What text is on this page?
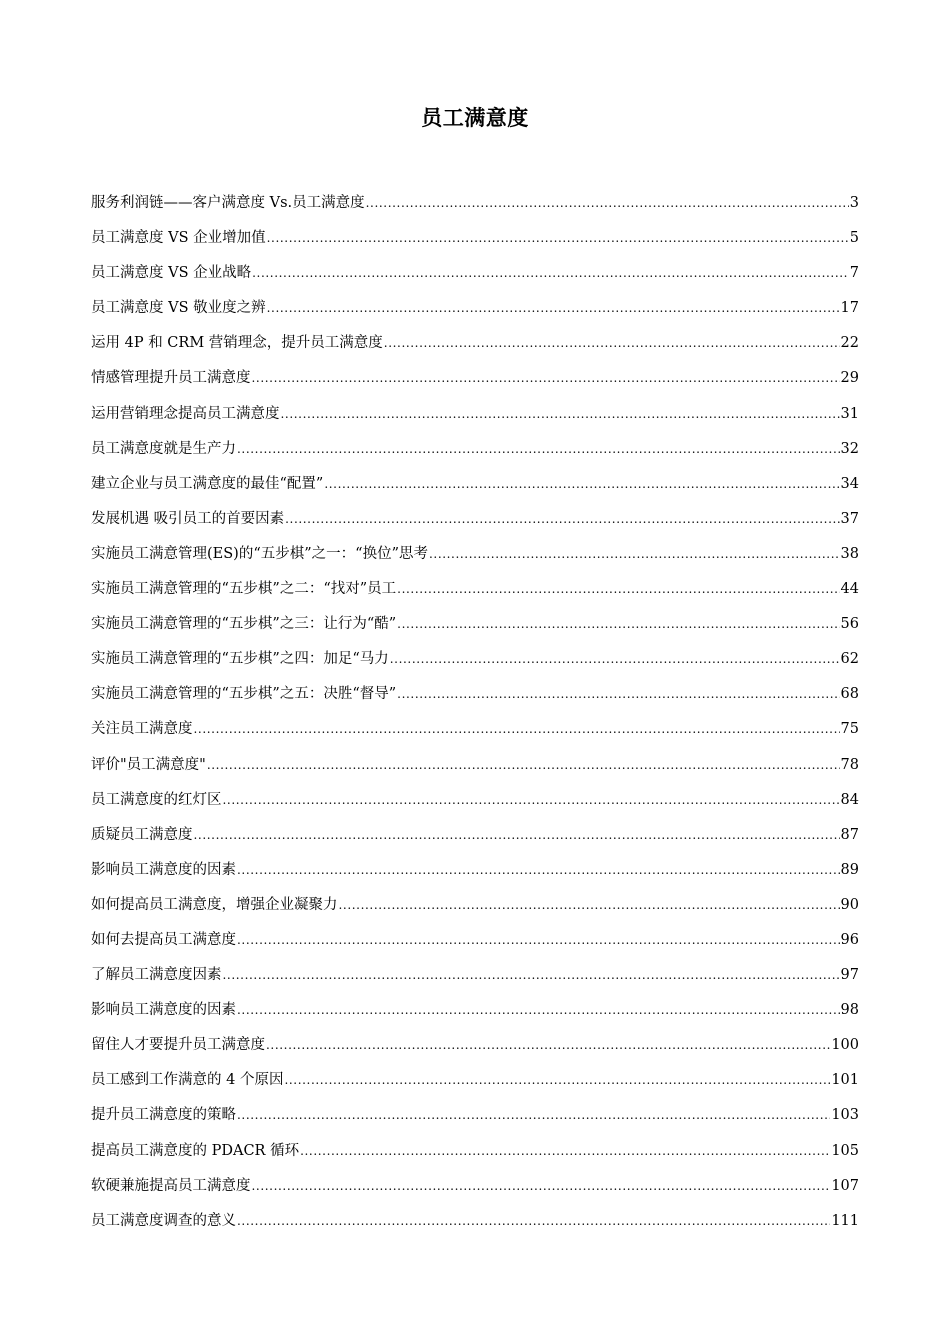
员工满意度
服务利润链——客户满意度 Vs.员工满意度 .....	3
员工满意度 VS 企业增加值 .....	5
员工满意度 VS 企业战略 .....	7
员工满意度 VS 敬业度之辨 .....	17
运用 4P 和 CRM 营销理念，提升员工满意度 .....	22
情感管理提升员工满意度 .....	29
运用营销理念提高员工满意度 .....	31
员工满意度就是生产力 .....	32
建立企业与员工满意度的最佳“配置” .....	34
发展机遇 吸引员工的首要因素 .....	37
实施员工满意管理(ES)的“五步棋”之一：“换位”思考 .....	38
实施员工满意管理的“五步棋”之二：“找对”员工 .....	44
实施员工满意管理的“五步棋”之三：让行为“酷” .....	56
实施员工满意管理的“五步棋”之四：加足“马力 .....	62
实施员工满意管理的“五步棋”之五：决胜“督导” .....	68
关注员工满意度 .....	75
评价"员工满意度" .....	78
员工满意度的红灯区 .....	84
质疑员工满意度 .....	87
影响员工满意度的因素 .....	89
如何提高员工满意度，增强企业凝聚力 .....	90
如何去提高员工满意度 .....	96
了解员工满意度因素 .....	97
影响员工满意度的因素 .....	98
留住人才要提升员工满意度 .....	100
员工感到工作满意的 4 个原因 .....	101
提升员工满意度的策略 .....	103
提高员工满意度的 PDACR 循环 .....	105
软硬兼施提高员工满意度 .....	107
员工满意度调查的意义 .....	111
